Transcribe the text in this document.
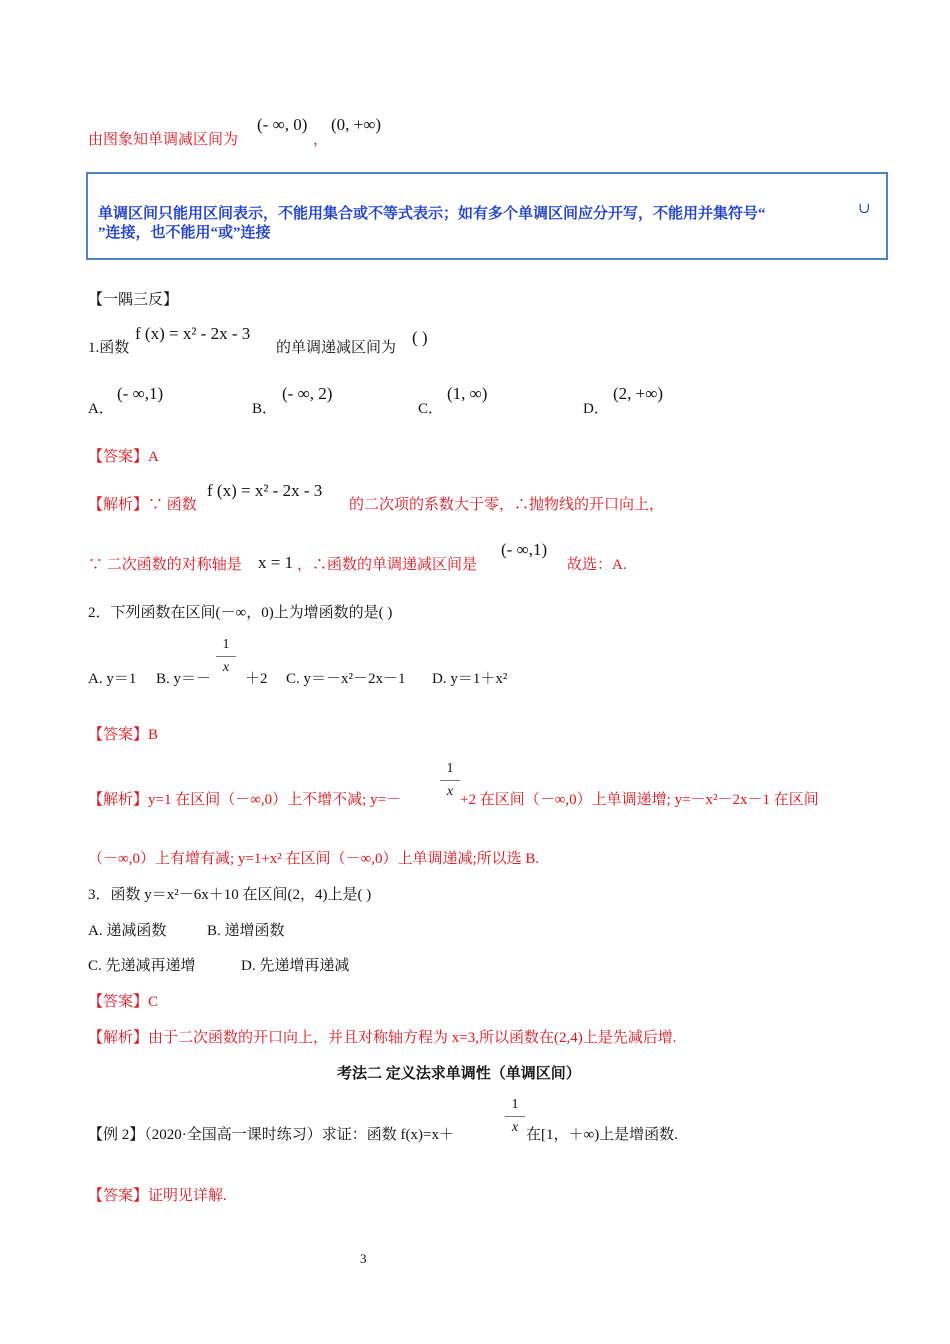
由图象知单调减区间为
(- ∞, 0)
，
(0, +∞)
单调区间只能用区间表示，不能用集合或不等式表示；如有多个单调区间应分开写，不能用并集符号“	∪
”连接，也不能用“或”连接
【一隅三反】
1.函数
f (x) = x² - 2x - 3
的单调递减区间为
( )
A．
(- ∞,1)
B．
(- ∞, 2)
C．
(1, ∞)
D．
(2, +∞)
【答案】A
【解析】∵ 函数
f (x) = x² - 2x - 3
的二次项的系数大于零，∴抛物线的开口向上，
∵ 二次函数的对称轴是 x = 1 ，∴函数的单调递减区间是
(- ∞,1)
故选：A.
2．下列函数在区间(－∞，0)上为增函数的是( )
A. y＝1 B. y＝－
1
x
＋2 C. y＝－x²－2x－1 D. y＝1＋x²
【答案】B
【解析】y=1 在区间（－∞,0）上不增不减; y=－
1
x
+2 在区间（－∞,0）上单调递增; y=－x²－2x－1 在区间
（－∞,0）上有增有减; y=1+x² 在区间（－∞,0）上单调递减;所以选 B.
3．函数 y＝x²－6x＋10 在区间(2，4)上是( )
A. 递减函数	B. 递增函数
C. 先递减再递增	D. 先递增再递减
【答案】C
【解析】由于二次函数的开口向上，并且对称轴方程为 x=3,所以函数在(2,4)上是先减后增.
考法二 定义法求单调性（单调区间）
【例 2】（2020·全国高一课时练习）求证：函数 f(x)=x＋
1
x 在[1，＋∞)上是增函数.
【答案】证明见详解.
3
